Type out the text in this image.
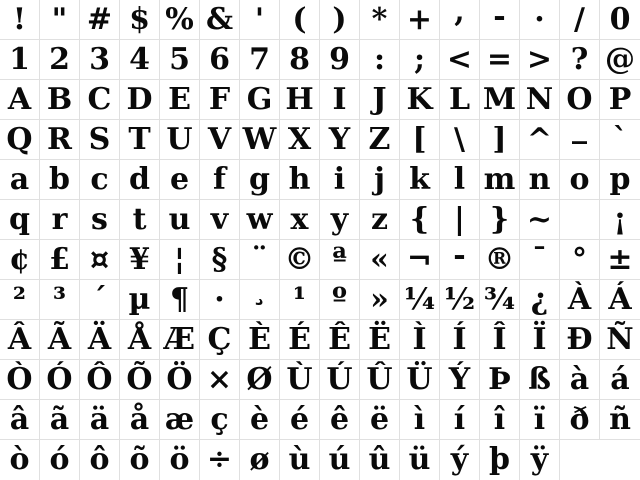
! " # $ % & ' ( ) * + , - . / 0
1 2 3 4 5 6 7 8 9 : ; < = > ? @
A B C D E F G H I J K L M N O P
Q R S T U V W X Y Z [ \ ] ^ _ `
a b c d e f g h i j k l m n o p
q r s t u v w x y z { | } ~	¡
¢ £ ¤ ¥ ¦ § ¨ © ª « ¬ - ® ¯ ° ±
² ³ ´ µ ¶ · ¸ ¹ º » ¼ ½ ¾ ¿ À Á
Â Ã Ä Å Æ Ç È É Ê Ë Ì Í Î Ï Ð Ñ
Ò Ó Ô Õ Ö × Ø Ù Ú Û Ü Ý Þ ß à á
â ã ä å æ ç è é ê ë ì í î ï ð ñ
ò ó ô õ ö ÷ ø ù ú û ü ý þ ÿ
